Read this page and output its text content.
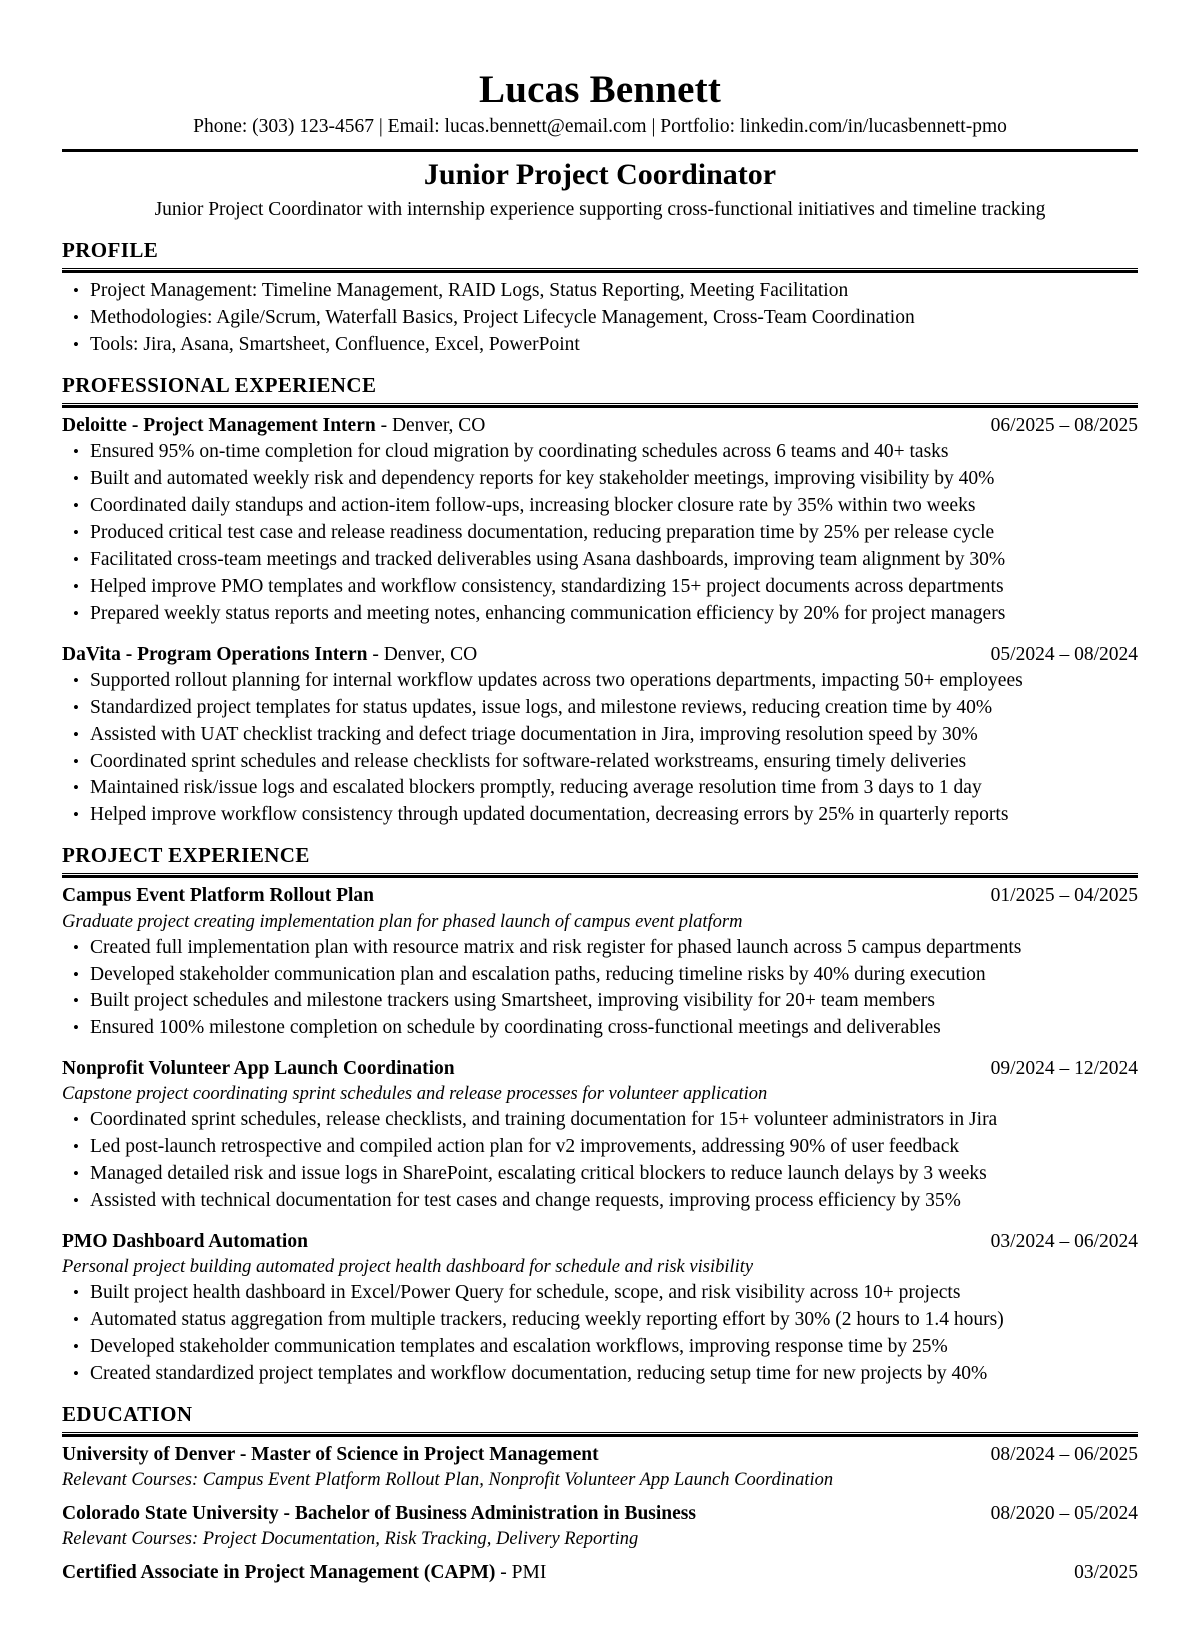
Lucas Bennett
Phone: (303) 123-4567 | Email: lucas.bennett@email.com | Portfolio: linkedin.com/in/lucasbennett-pmo
Junior Project Coordinator
Junior Project Coordinator with internship experience supporting cross-functional initiatives and timeline tracking
PROFILE
• Project Management: Timeline Management, RAID Logs, Status Reporting, Meeting Facilitation
• Methodologies: Agile/Scrum, Waterfall Basics, Project Lifecycle Management, Cross-Team Coordination
• Tools: Jira, Asana, Smartsheet, Confluence, Excel, PowerPoint
PROFESSIONAL EXPERIENCE
Deloitte - Project Management Intern - Denver, CO	06/2025 – 08/2025
• Ensured 95% on-time completion for cloud migration by coordinating schedules across 6 teams and 40+ tasks
• Built and automated weekly risk and dependency reports for key stakeholder meetings, improving visibility by 40%
• Coordinated daily standups and action-item follow-ups, increasing blocker closure rate by 35% within two weeks
• Produced critical test case and release readiness documentation, reducing preparation time by 25% per release cycle
• Facilitated cross-team meetings and tracked deliverables using Asana dashboards, improving team alignment by 30%
• Helped improve PMO templates and workflow consistency, standardizing 15+ project documents across departments
• Prepared weekly status reports and meeting notes, enhancing communication efficiency by 20% for project managers
DaVita - Program Operations Intern - Denver, CO	05/2024 – 08/2024
• Supported rollout planning for internal workflow updates across two operations departments, impacting 50+ employees
• Standardized project templates for status updates, issue logs, and milestone reviews, reducing creation time by 40%
• Assisted with UAT checklist tracking and defect triage documentation in Jira, improving resolution speed by 30%
• Coordinated sprint schedules and release checklists for software-related workstreams, ensuring timely deliveries
• Maintained risk/issue logs and escalated blockers promptly, reducing average resolution time from 3 days to 1 day
• Helped improve workflow consistency through updated documentation, decreasing errors by 25% in quarterly reports
PROJECT EXPERIENCE
Campus Event Platform Rollout Plan	01/2025 – 04/2025
Graduate project creating implementation plan for phased launch of campus event platform
• Created full implementation plan with resource matrix and risk register for phased launch across 5 campus departments
• Developed stakeholder communication plan and escalation paths, reducing timeline risks by 40% during execution
• Built project schedules and milestone trackers using Smartsheet, improving visibility for 20+ team members
• Ensured 100% milestone completion on schedule by coordinating cross-functional meetings and deliverables
Nonprofit Volunteer App Launch Coordination	09/2024 – 12/2024
Capstone project coordinating sprint schedules and release processes for volunteer application
• Coordinated sprint schedules, release checklists, and training documentation for 15+ volunteer administrators in Jira
• Led post-launch retrospective and compiled action plan for v2 improvements, addressing 90% of user feedback
• Managed detailed risk and issue logs in SharePoint, escalating critical blockers to reduce launch delays by 3 weeks
• Assisted with technical documentation for test cases and change requests, improving process efficiency by 35%
PMO Dashboard Automation	03/2024 – 06/2024
Personal project building automated project health dashboard for schedule and risk visibility
• Built project health dashboard in Excel/Power Query for schedule, scope, and risk visibility across 10+ projects
• Automated status aggregation from multiple trackers, reducing weekly reporting effort by 30% (2 hours to 1.4 hours)
• Developed stakeholder communication templates and escalation workflows, improving response time by 25%
• Created standardized project templates and workflow documentation, reducing setup time for new projects by 40%
EDUCATION
University of Denver - Master of Science in Project Management	08/2024 – 06/2025
Relevant Courses: Campus Event Platform Rollout Plan, Nonprofit Volunteer App Launch Coordination
Colorado State University - Bachelor of Business Administration in Business	08/2020 – 05/2024
Relevant Courses: Project Documentation, Risk Tracking, Delivery Reporting
Certified Associate in Project Management (CAPM) - PMI	03/2025
